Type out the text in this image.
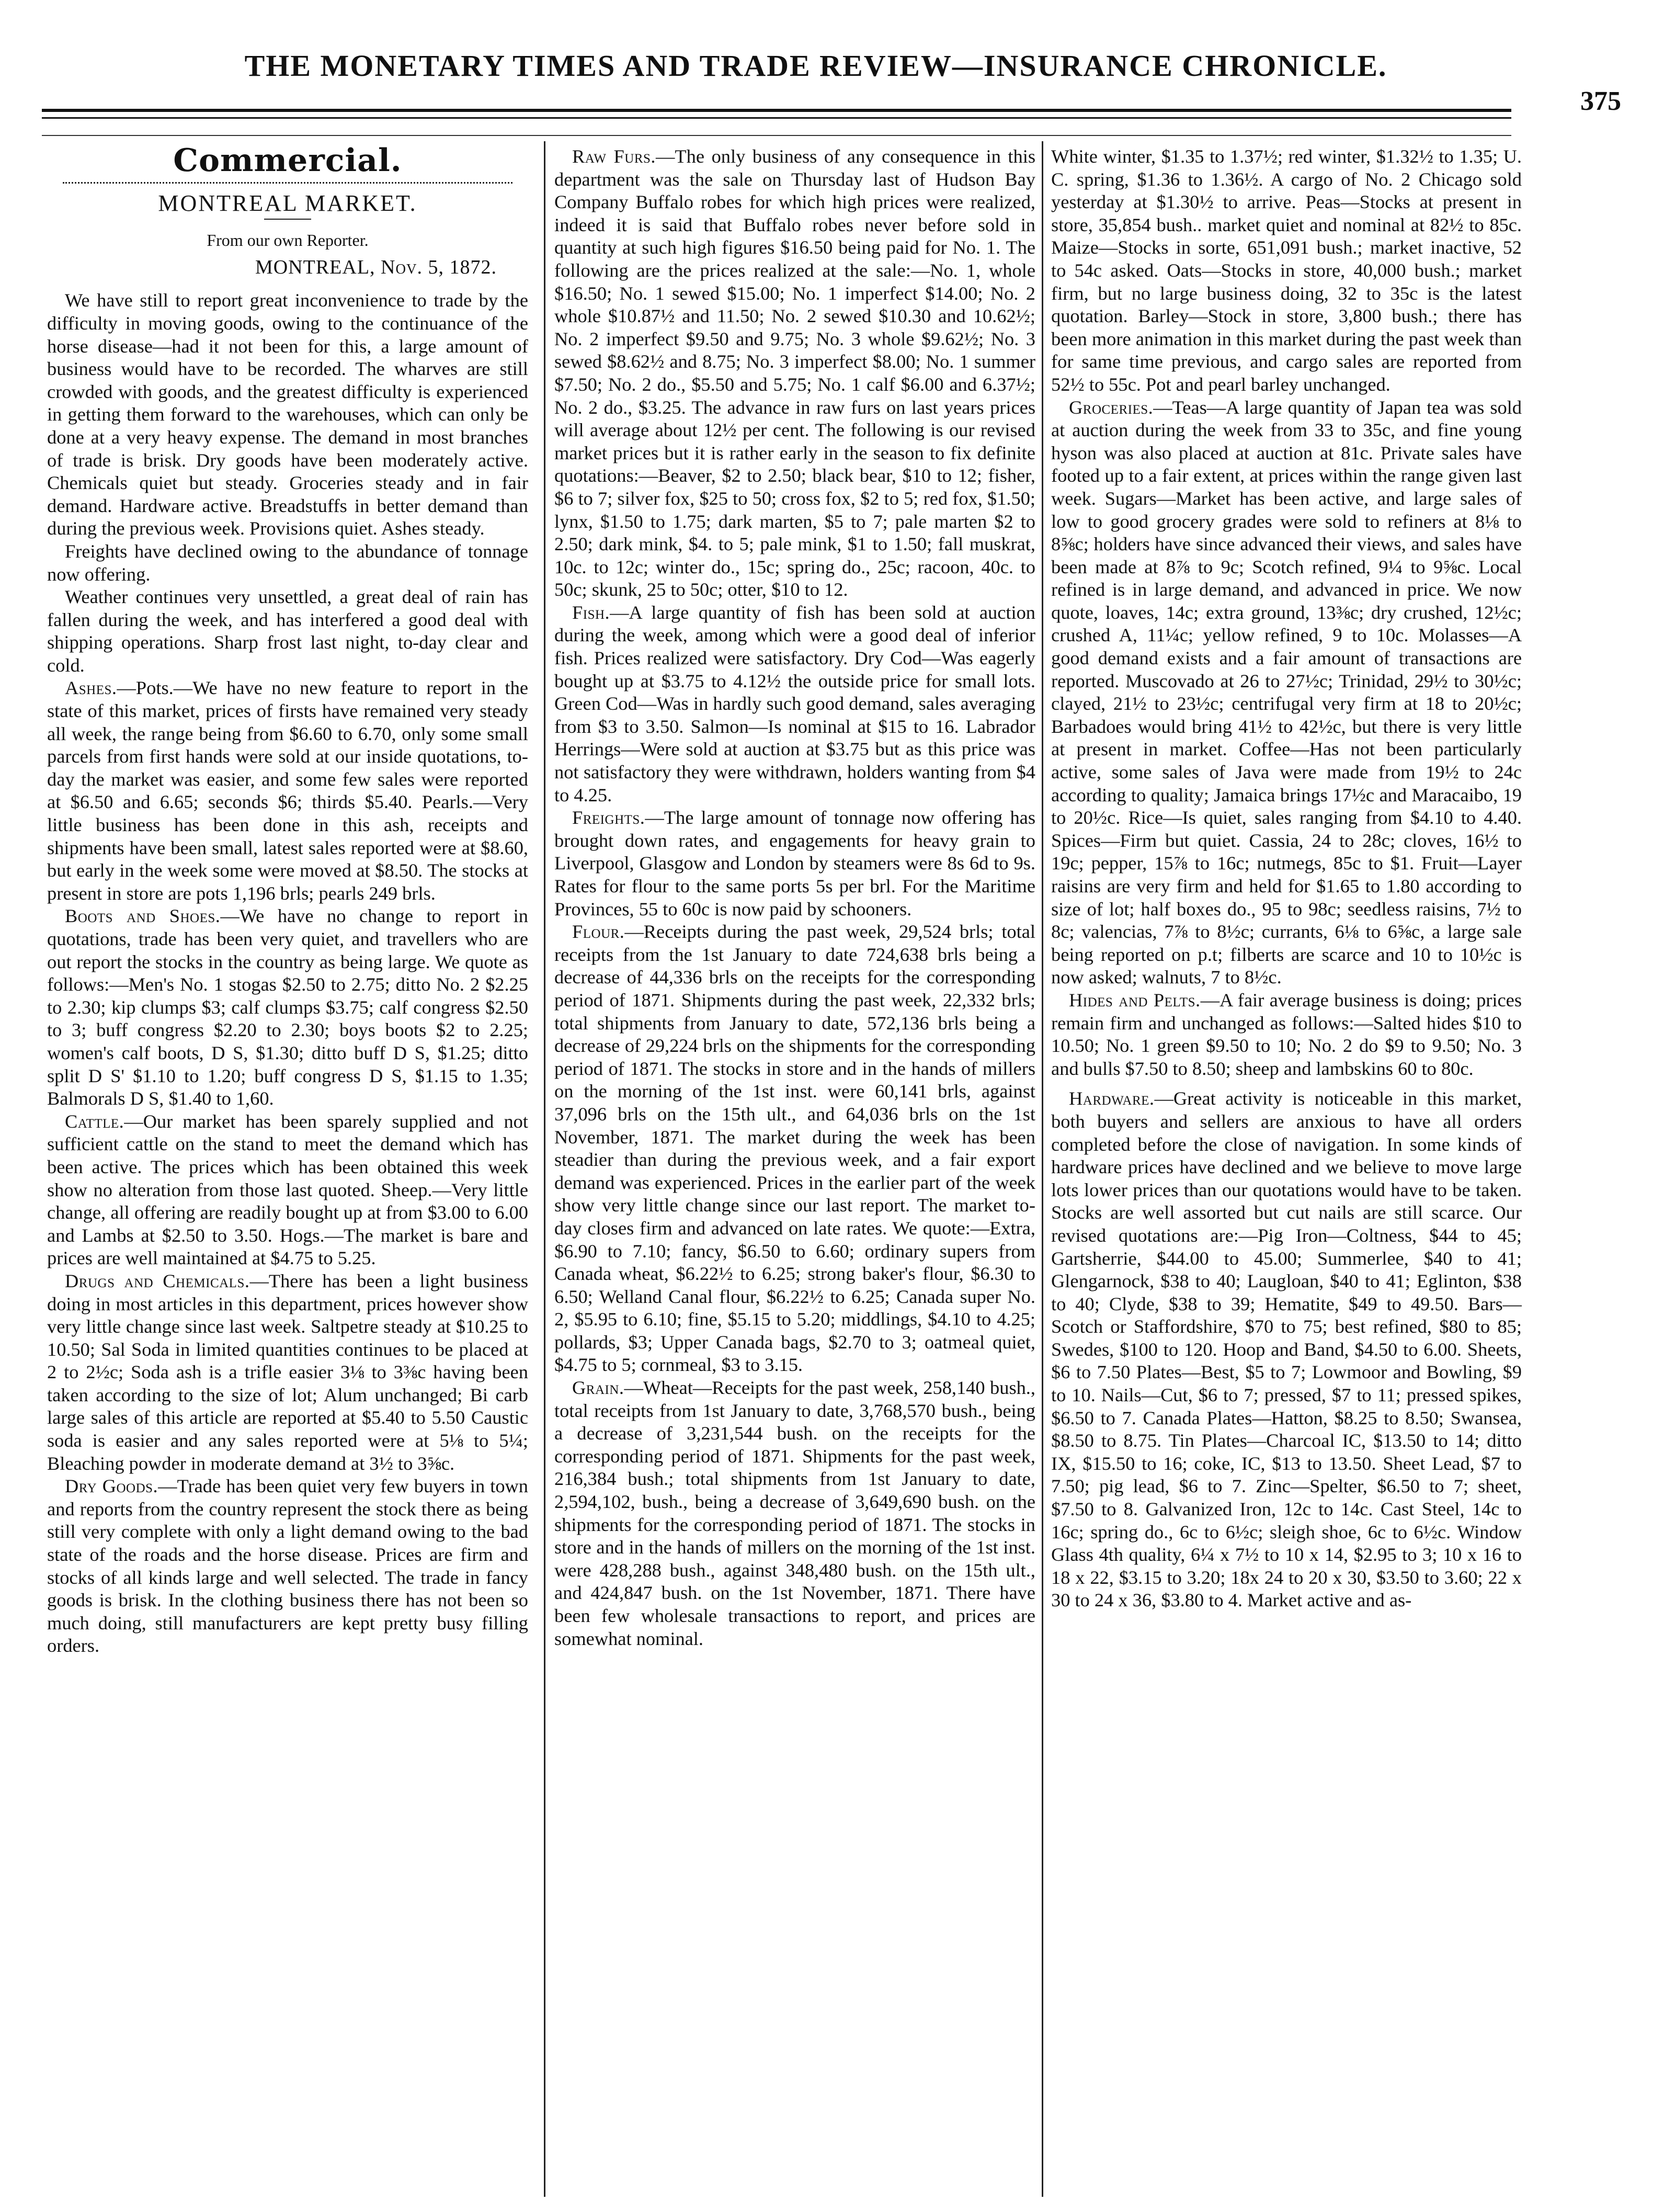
THE MONETARY TIMES AND TRADE REVIEW—INSURANCE CHRONICLE.
375
Commercial.
MONTREAL MARKET.
From our own Reporter.
MONTREAL, Nov. 5, 1872.

We have still to report great inconvenience to trade by the difficulty in moving goods, owing to the continuance of the horse disease—had it not been for this, a large amount of business would have to be recorded. The wharves are still crowded with goods, and the greatest difficulty is experienced in getting them forward to the warehouses, which can only be done at a very heavy expense. The demand in most branches of trade is brisk. Dry goods have been moderately active. Chemicals quiet but steady. Groceries steady and in fair demand. Hardware active. Breadstuffs in better demand than during the previous week. Provisions quiet. Ashes steady.

Freights have declined owing to the abundance of tonnage now offering.

Weather continues very unsettled, a great deal of rain has fallen during the week, and has interfered a good deal with shipping operations. Sharp frost last night, to-day clear and cold.

Ashes.—Pots.—We have no new feature to report in the state of this market, prices of firsts have remained very steady all week, the range being from $6.60 to 6.70, only some small parcels from first hands were sold at our inside quotations, to-day the market was easier, and some few sales were reported at $6.50 and 6.65; seconds $6; thirds $5.40. Pearls.—Very little business has been done in this ash, receipts and shipments have been small, latest sales reported were at $8.60, but early in the week some were moved at $8.50. The stocks at present in store are pots 1,196 brls; pearls 249 brls.

Boots and Shoes.—We have no change to report in quotations, trade has been very quiet, and travellers who are out report the stocks in the country as being large. We quote as follows:—Men's No. 1 stogas $2.50 to 2.75; ditto No. 2 $2.25 to 2.30; kip clumps $3; calf clumps $3.75; calf congress $2.50 to 3; buff congress $2.20 to 2.30; boys boots $2 to 2.25; women's calf boots, D S, $1.30; ditto buff D S, $1.25; ditto split D S' $1.10 to 1.20; buff congress D S, $1.15 to 1.35; Balmorals D S, $1.40 to 1,60.

Cattle.—Our market has been sparely supplied and not sufficient cattle on the stand to meet the demand which has been active. The prices which has been obtained this week show no alteration from those last quoted. Sheep.—Very little change, all offering are readily bought up at from $3.00 to 6.00 and Lambs at $2.50 to 3.50. Hogs.—The market is bare and prices are well maintained at $4.75 to 5.25.

Drugs and Chemicals.—There has been a light business doing in most articles in this department, prices however show very little change since last week. Saltpetre steady at $10.25 to 10.50; Sal Soda in limited quantities continues to be placed at 2 to 2½c; Soda ash is a trifle easier 3⅛ to 3⅜c having been taken according to the size of lot; Alum unchanged; Bi carb large sales of this article are reported at $5.40 to 5.50 Caustic soda is easier and any sales reported were at 5⅛ to 5¼; Bleaching powder in moderate demand at 3½ to 3⅝c.

Dry Goods.—Trade has been quiet very few buyers in town and reports from the country represent the stock there as being still very complete with only a light demand owing to the bad state of the roads and the horse disease. Prices are firm and stocks of all kinds large and well selected. The trade in fancy goods is brisk. In the clothing business there has not been so much doing, still manufacturers are kept pretty busy filling orders.

Raw Furs.—The only business of any consequence in this department was the sale on Thursday last of Hudson Bay Company Buffalo robes for which high prices were realized, indeed it is said that Buffalo robes never before sold in quantity at such high figures $16.50 being paid for No. 1. The following are the prices realized at the sale:—No. 1, whole $16.50; No. 1 sewed $15.00; No. 1 imperfect $14.00; No. 2 whole $10.87½ and 11.50; No. 2 sewed $10.30 and 10.62½; No. 2 imperfect $9.50 and 9.75; No. 3 whole $9.62½; No. 3 sewed $8.62½ and 8.75; No. 3 imperfect $8.00; No. 1 summer $7.50; No. 2 do., $5.50 and 5.75; No. 1 calf $6.00 and 6.37½; No. 2 do., $3.25. The advance in raw furs on last years prices will average about 12½ per cent. The following is our revised market prices but it is rather early in the season to fix definite quotations:—Beaver, $2 to 2.50; black bear, $10 to 12; fisher, $6 to 7; silver fox, $25 to 50; cross fox, $2 to 5; red fox, $1.50; lynx, $1.50 to 1.75; dark marten, $5 to 7; pale marten $2 to 2.50; dark mink, $4. to 5; pale mink, $1 to 1.50; fall muskrat, 10c. to 12c; winter do., 15c; spring do., 25c; racoon, 40c. to 50c; skunk, 25 to 50c; otter, $10 to 12.

Fish.—A large quantity of fish has been sold at auction during the week, among which were a good deal of inferior fish. Prices realized were satisfactory. Dry Cod—Was eagerly bought up at $3.75 to 4.12½ the outside price for small lots. Green Cod—Was in hardly such good demand, sales averaging from $3 to 3.50. Salmon—Is nominal at $15 to 16. Labrador Herrings—Were sold at auction at $3.75 but as this price was not satisfactory they were withdrawn, holders wanting from $4 to 4.25.

Freights.—The large amount of tonnage now offering has brought down rates, and engagements for heavy grain to Liverpool, Glasgow and London by steamers were 8s 6d to 9s. Rates for flour to the same ports 5s per brl. For the Maritime Provinces, 55 to 60c is now paid by schooners.

Flour.—Receipts during the past week, 29,524 brls; total receipts from the 1st January to date 724,638 brls being a decrease of 44,336 brls on the receipts for the corresponding period of 1871. Shipments during the past week, 22,332 brls; total shipments from January to date, 572,136 brls being a decrease of 29,224 brls on the shipments for the corresponding period of 1871. The stocks in store and in the hands of millers on the morning of the 1st inst. were 60,141 brls, against 37,096 brls on the 15th ult., and 64,036 brls on the 1st November, 1871. The market during the week has been steadier than during the previous week, and a fair export demand was experienced. Prices in the earlier part of the week show very little change since our last report. The market to-day closes firm and advanced on late rates. We quote:—Extra, $6.90 to 7.10; fancy, $6.50 to 6.60; ordinary supers from Canada wheat, $6.22½ to 6.25; strong baker's flour, $6.30 to 6.50; Welland Canal flour, $6.22½ to 6.25; Canada super No. 2, $5.95 to 6.10; fine, $5.15 to 5.20; middlings, $4.10 to 4.25; pollards, $3; Upper Canada bags, $2.70 to 3; oatmeal quiet, $4.75 to 5; cornmeal, $3 to 3.15.

Grain.—Wheat—Receipts for the past week, 258,140 bush., total receipts from 1st January to date, 3,768,570 bush., being a decrease of 3,231,544 bush. on the receipts for the corresponding period of 1871. Shipments for the past week, 216,384 bush.; total shipments from 1st January to date, 2,594,102, bush., being a decrease of 3,649,690 bush. on the shipments for the corresponding period of 1871. The stocks in store and in the hands of millers on the morning of the 1st inst. were 428,288 bush., against 348,480 bush. on the 15th ult., and 424,847 bush. on the 1st November, 1871. There have been few wholesale transactions to report, and prices are somewhat nominal.

White winter, $1.35 to 1.37½; red winter, $1.32½ to 1.35; U. C. spring, $1.36 to 1.36½. A cargo of No. 2 Chicago sold yesterday at $1.30½ to arrive. Peas—Stocks at present in store, 35,854 bush.. market quiet and nominal at 82½ to 85c. Maize—Stocks in sorte, 651,091 bush.; market inactive, 52 to 54c asked. Oats—Stocks in store, 40,000 bush.; market firm, but no large business doing, 32 to 35c is the latest quotation. Barley—Stock in store, 3,800 bush.; there has been more animation in this market during the past week than for same time previous, and cargo sales are reported from 52½ to 55c. Pot and pearl barley unchanged.

Groceries.—Teas—A large quantity of Japan tea was sold at auction during the week from 33 to 35c, and fine young hyson was also placed at auction at 81c. Private sales have footed up to a fair extent, at prices within the range given last week. Sugars—Market has been active, and large sales of low to good grocery grades were sold to refiners at 8⅛ to 8⅝c; holders have since advanced their views, and sales have been made at 8⅞ to 9c; Scotch refined, 9¼ to 9⅝c. Local refined is in large demand, and advanced in price. We now quote, loaves, 14c; extra ground, 13⅜c; dry crushed, 12½c; crushed A, 11¼c; yellow refined, 9 to 10c. Molasses—A good demand exists and a fair amount of transactions are reported. Muscovado at 26 to 27½c; Trinidad, 29½ to 30½c; clayed, 21½ to 23½c; centrifugal very firm at 18 to 20½c; Barbadoes would bring 41½ to 42½c, but there is very little at present in market. Coffee—Has not been particularly active, some sales of Java were made from 19½ to 24c according to quality; Jamaica brings 17½c and Maracaibo, 19 to 20½c. Rice—Is quiet, sales ranging from $4.10 to 4.40. Spices—Firm but quiet. Cassia, 24 to 28c; cloves, 16½ to 19c; pepper, 15⅞ to 16c; nutmegs, 85c to $1. Fruit—Layer raisins are very firm and held for $1.65 to 1.80 according to size of lot; half boxes do., 95 to 98c; seedless raisins, 7½ to 8c; valencias, 7⅞ to 8½c; currants, 6⅛ to 6⅝c, a large sale being reported on p.t; filberts are scarce and 10 to 10½c is now asked; walnuts, 7 to 8½c.

Hides and Pelts.—A fair average business is doing; prices remain firm and unchanged as follows:—Salted hides $10 to 10.50; No. 1 green $9.50 to 10; No. 2 do $9 to 9.50; No. 3 and bulls $7.50 to 8.50; sheep and lambskins 60 to 80c.

Hardware.—Great activity is noticeable in this market, both buyers and sellers are anxious to have all orders completed before the close of navigation. In some kinds of hardware prices have declined and we believe to move large lots lower prices than our quotations would have to be taken. Stocks are well assorted but cut nails are still scarce. Our revised quotations are:—Pig Iron—Coltness, $44 to 45; Gartsherrie, $44.00 to 45.00; Summerlee, $40 to 41; Glengarnock, $38 to 40; Laugloan, $40 to 41; Eglinton, $38 to 40; Clyde, $38 to 39; Hematite, $49 to 49.50. Bars—Scotch or Staffordshire, $70 to 75; best refined, $80 to 85; Swedes, $100 to 120. Hoop and Band, $4.50 to 6.00. Sheets, $6 to 7.50 Plates—Best, $5 to 7; Lowmoor and Bowling, $9 to 10. Nails—Cut, $6 to 7; pressed, $7 to 11; pressed spikes, $6.50 to 7. Canada Plates—Hatton, $8.25 to 8.50; Swansea, $8.50 to 8.75. Tin Plates—Charcoal IC, $13.50 to 14; ditto IX, $15.50 to 16; coke, IC, $13 to 13.50. Sheet Lead, $7 to 7.50; pig lead, $6 to 7. Zinc—Spelter, $6.50 to 7; sheet, $7.50 to 8. Galvanized Iron, 12c to 14c. Cast Steel, 14c to 16c; spring do., 6c to 6½c; sleigh shoe, 6c to 6½c. Window Glass 4th quality, 6¼ x 7½ to 10 x 14, $2.95 to 3; 10 x 16 to 18 x 22, $3.15 to 3.20; 18x 24 to 20 x 30, $3.50 to 3.60; 22 x 30 to 24 x 36, $3.80 to 4. Market active and as-
